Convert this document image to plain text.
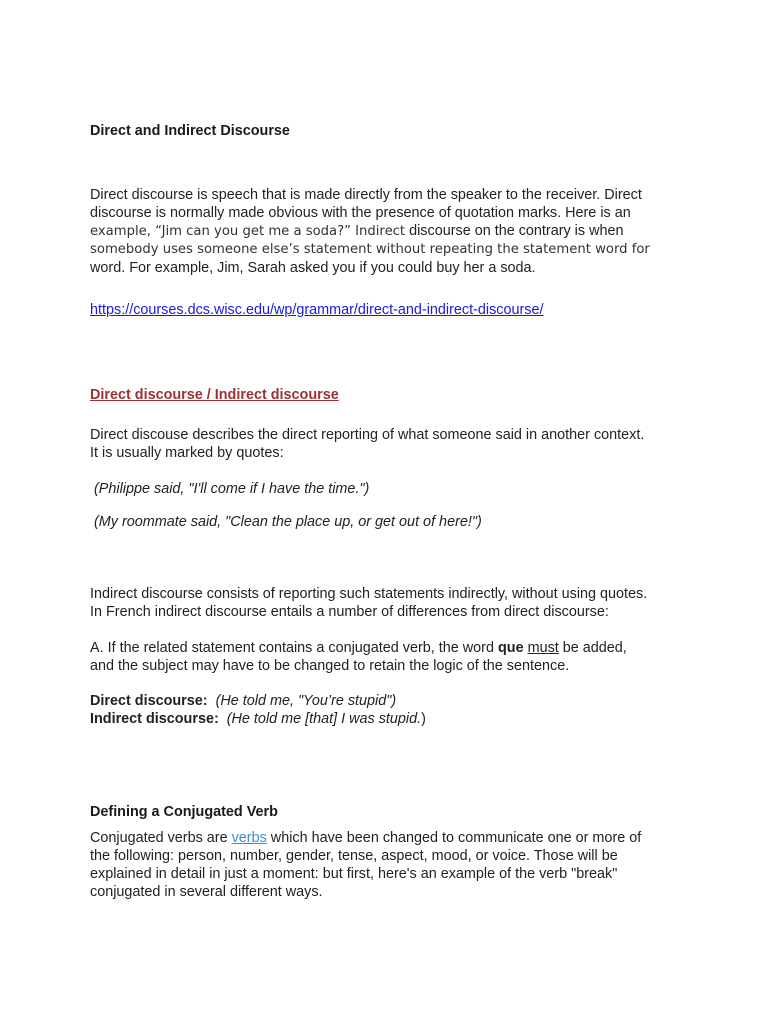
Direct and Indirect Discourse

Direct discourse is speech that is made directly from the speaker to the receiver. Direct
discourse is normally made obvious with the presence of quotation marks. Here is an
example, “Jim can you get me a soda?” Indirect discourse on the contrary is when
somebody uses someone else’s statement without repeating the statement word for
word. For example, Jim, Sarah asked you if you could buy her a soda.
https://courses.dcs.wisc.edu/wp/grammar/direct-and-indirect-discourse/

Direct discourse / Indirect discourse

Direct discouse describes the direct reporting of what someone said in another context.
It is usually marked by quotes:

(Philippe said, "I'll come if I have the time.")

(My roommate said, "Clean the place up, or get out of here!")

Indirect discourse consists of reporting such statements indirectly, without using quotes.
In French indirect discourse entails a number of differences from direct discourse:
A. If the related statement contains a conjugated verb, the word que must be added,
and the subject may have to be changed to retain the logic of the sentence.
Direct discourse: (He told me, "You’re stupid")
Indirect discourse: (He told me [that] I was stupid.)

Defining a Conjugated Verb

Conjugated verbs are verbs which have been changed to communicate one or more of
the following: person, number, gender, tense, aspect, mood, or voice. Those will be
explained in detail in just a moment: but first, here's an example of the verb "break"
conjugated in several different ways.
